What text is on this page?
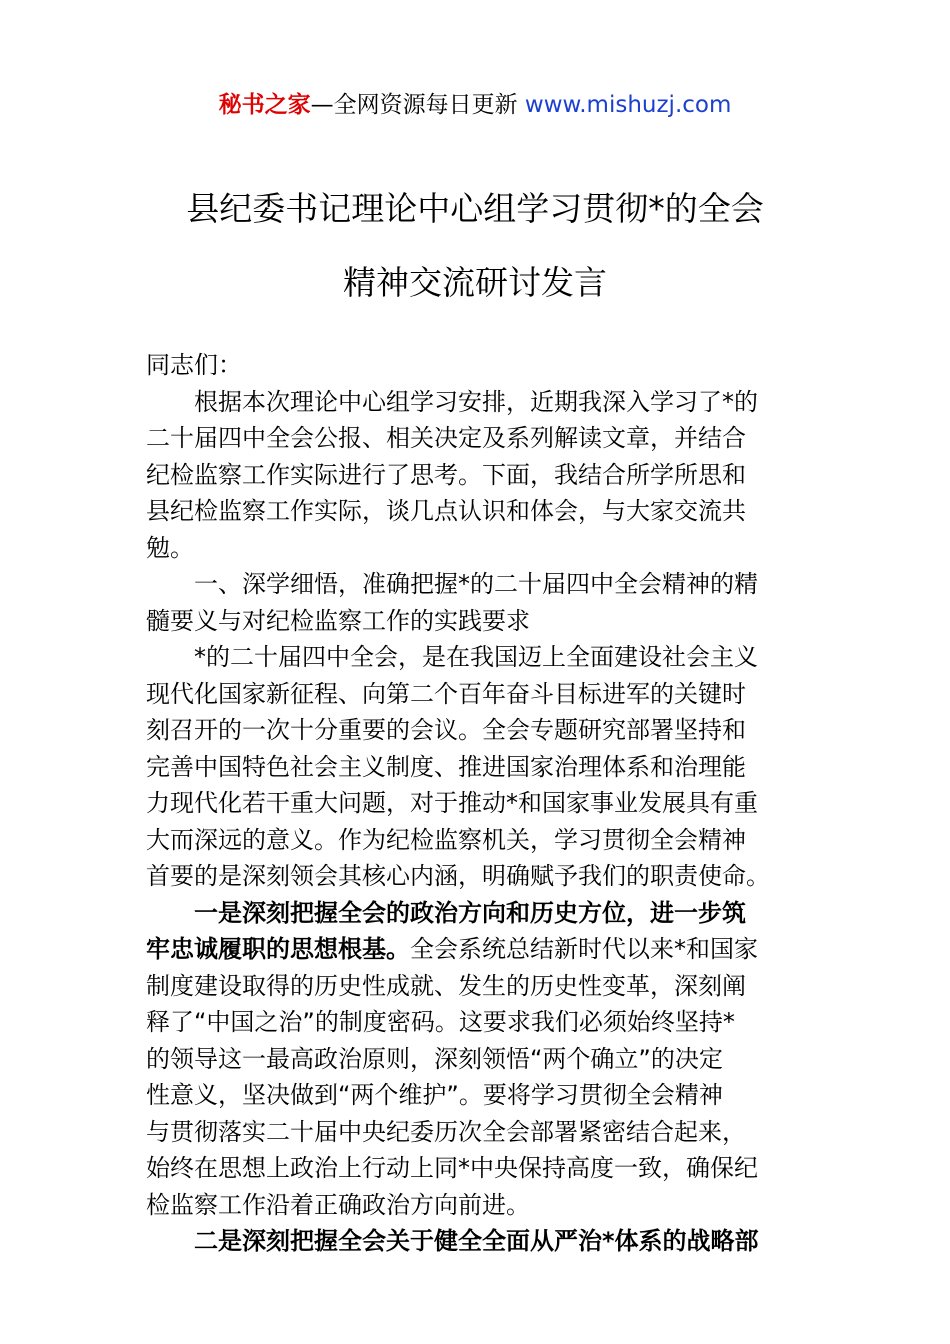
秘书之家—全网资源每日更新 www.mishuzj.com
县纪委书记理论中心组学习贯彻*的全会
精神交流研讨发言
同志们：
根据本次理论中心组学习安排，近期我深入学习了*的
二十届四中全会公报、相关决定及系列解读文章，并结合
纪检监察工作实际进行了思考。下面，我结合所学所思和
县纪检监察工作实际，谈几点认识和体会，与大家交流共
勉。
一、深学细悟，准确把握*的二十届四中全会精神的精
髓要义与对纪检监察工作的实践要求
*的二十届四中全会，是在我国迈上全面建设社会主义
现代化国家新征程、向第二个百年奋斗目标进军的关键时
刻召开的一次十分重要的会议。全会专题研究部署坚持和
完善中国特色社会主义制度、推进国家治理体系和治理能
力现代化若干重大问题，对于推动*和国家事业发展具有重
大而深远的意义。作为纪检监察机关，学习贯彻全会精神
首要的是深刻领会其核心内涵，明确赋予我们的职责使命。
一是深刻把握全会的政治方向和历史方位，进一步筑
牢忠诚履职的思想根基。全会系统总结新时代以来*和国家
制度建设取得的历史性成就、发生的历史性变革，深刻阐
释了“中国之治”的制度密码。这要求我们必须始终坚持*
的领导这一最高政治原则，深刻领悟“两个确立”的决定
性意义，坚决做到“两个维护”。要将学习贯彻全会精神
与贯彻落实二十届中央纪委历次全会部署紧密结合起来，
始终在思想上政治上行动上同*中央保持高度一致，确保纪
检监察工作沿着正确政治方向前进。
二是深刻把握全会关于健全全面从严治*体系的战略部
